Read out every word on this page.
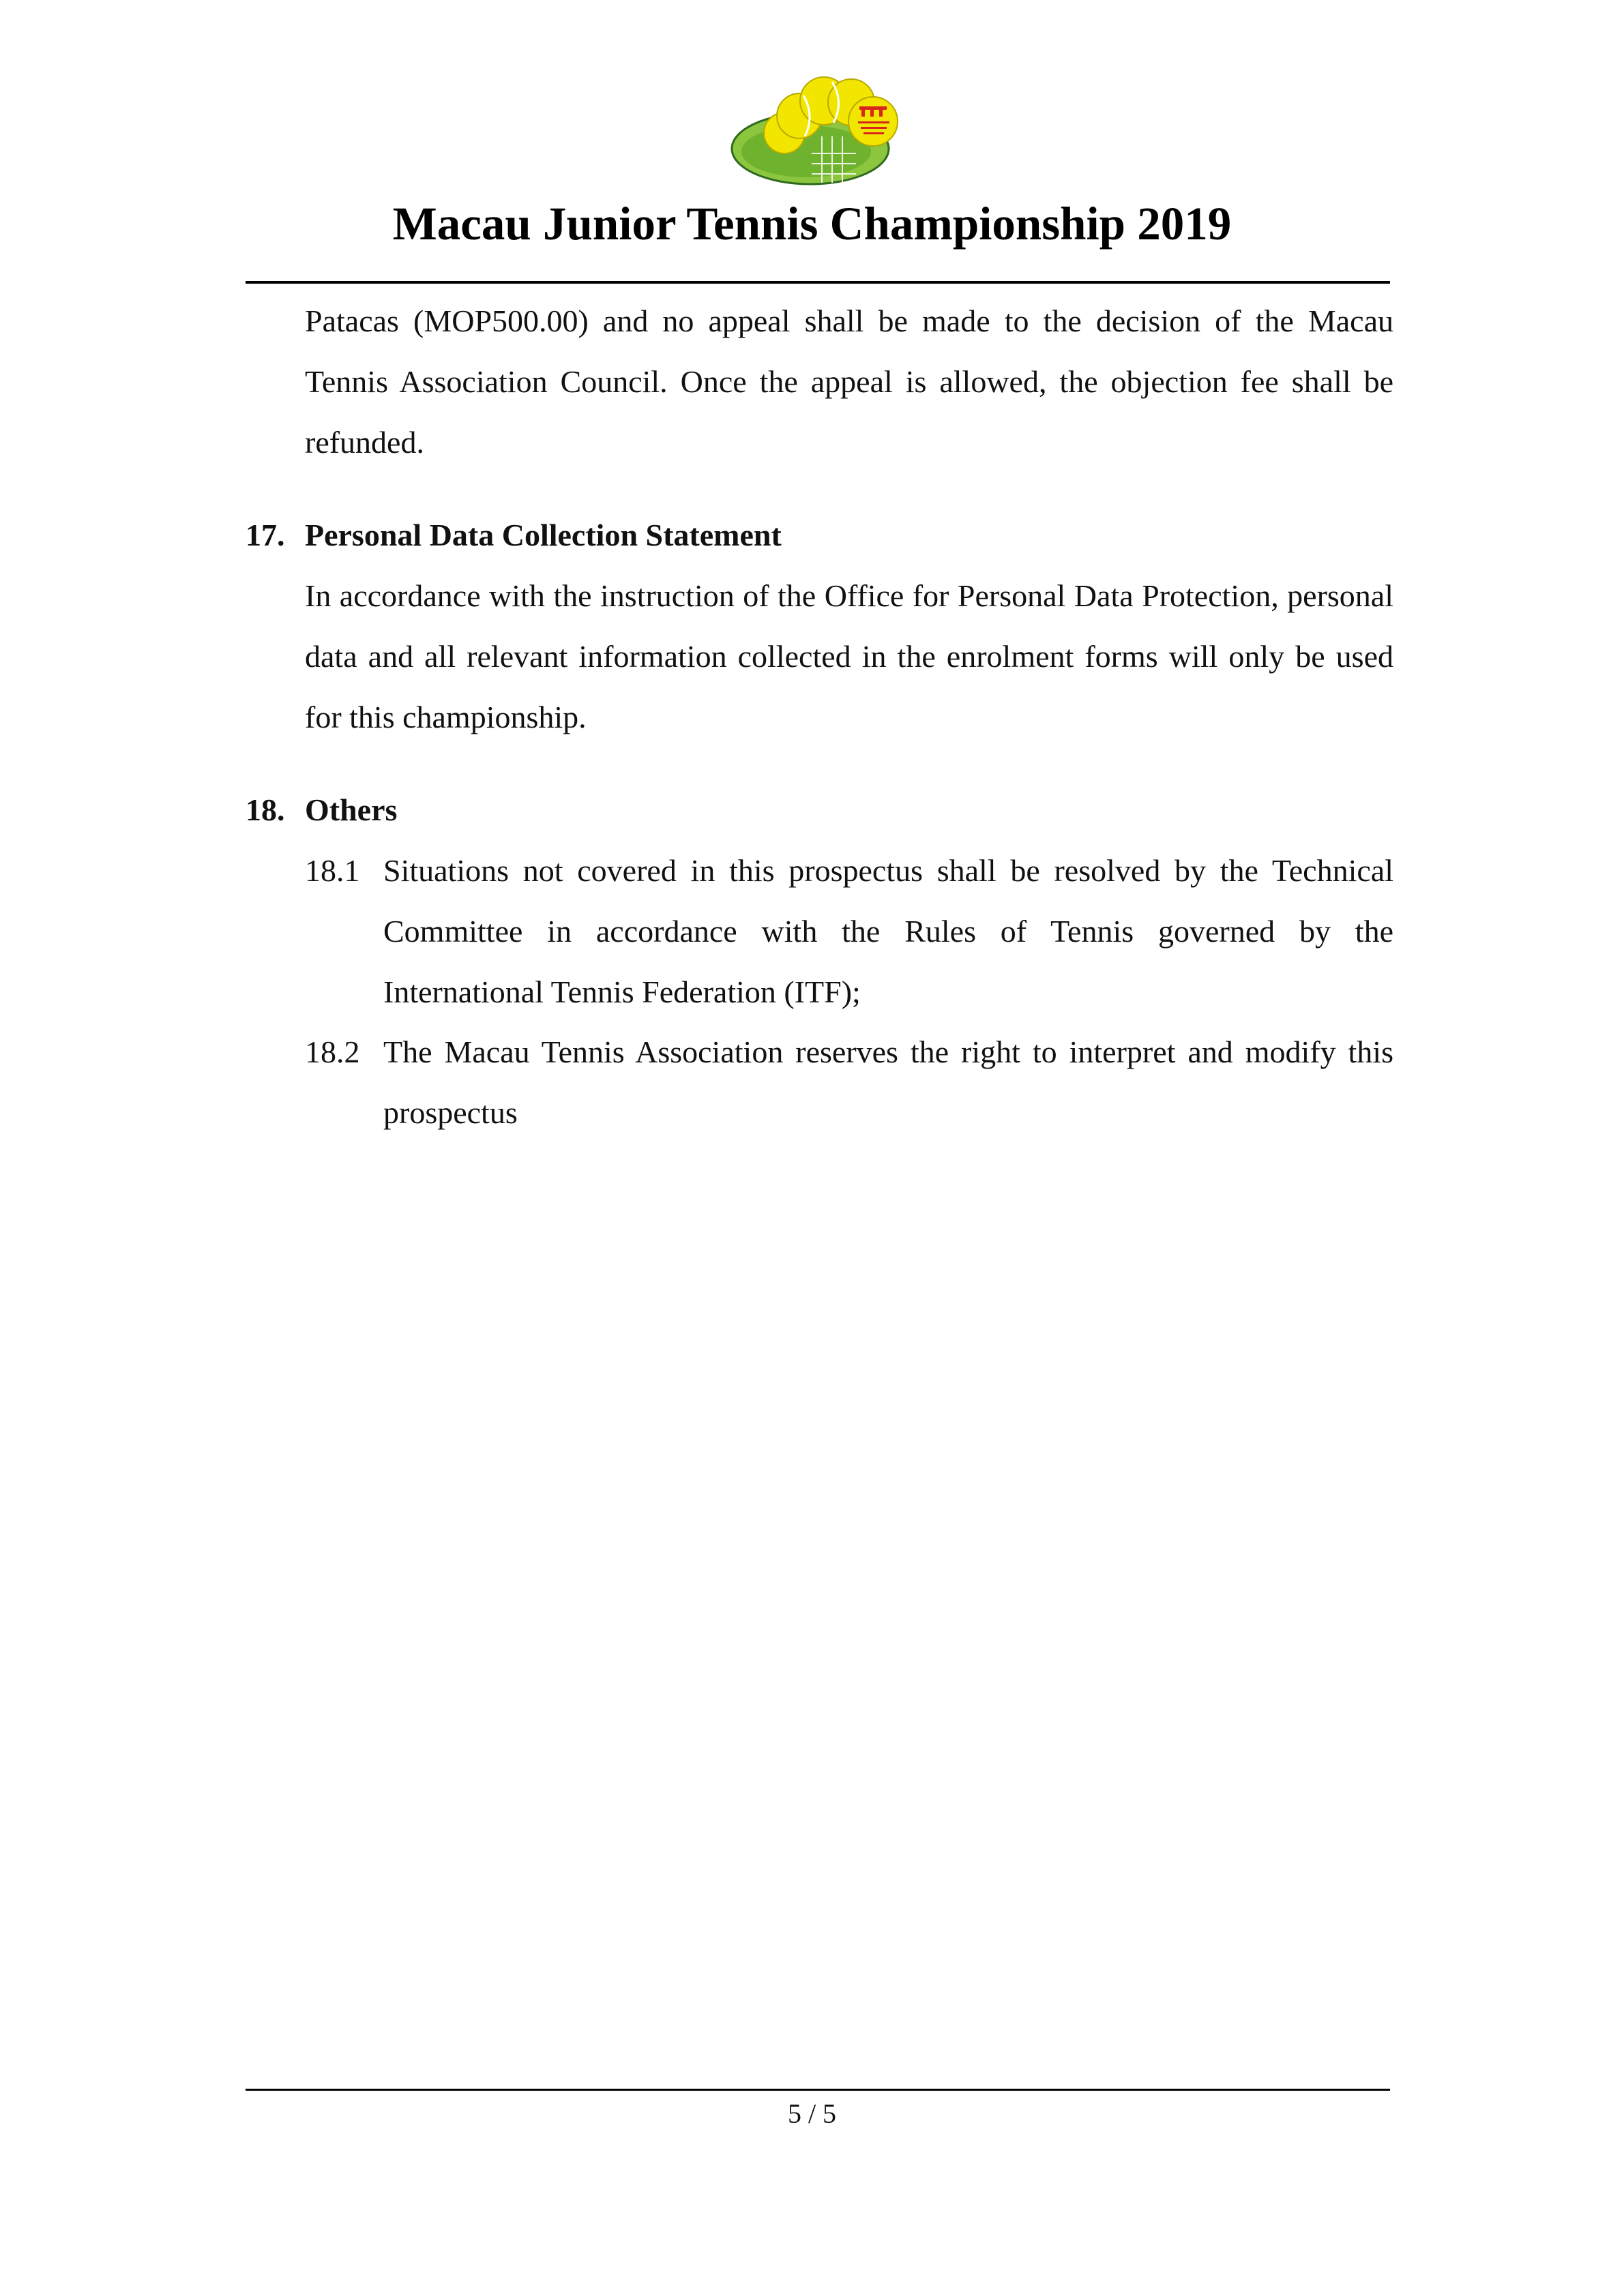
Macau Junior Tennis Championship 2019
Patacas (MOP500.00) and no appeal shall be made to the decision of the Macau Tennis Association Council. Once the appeal is allowed, the objection fee shall be refunded.
17. Personal Data Collection Statement
In accordance with the instruction of the Office for Personal Data Protection, personal data and all relevant information collected in the enrolment forms will only be used for this championship.
18. Others
18.1 Situations not covered in this prospectus shall be resolved by the Technical Committee in accordance with the Rules of Tennis governed by the International Tennis Federation (ITF);
18.2 The Macau Tennis Association reserves the right to interpret and modify this prospectus
5 / 5
